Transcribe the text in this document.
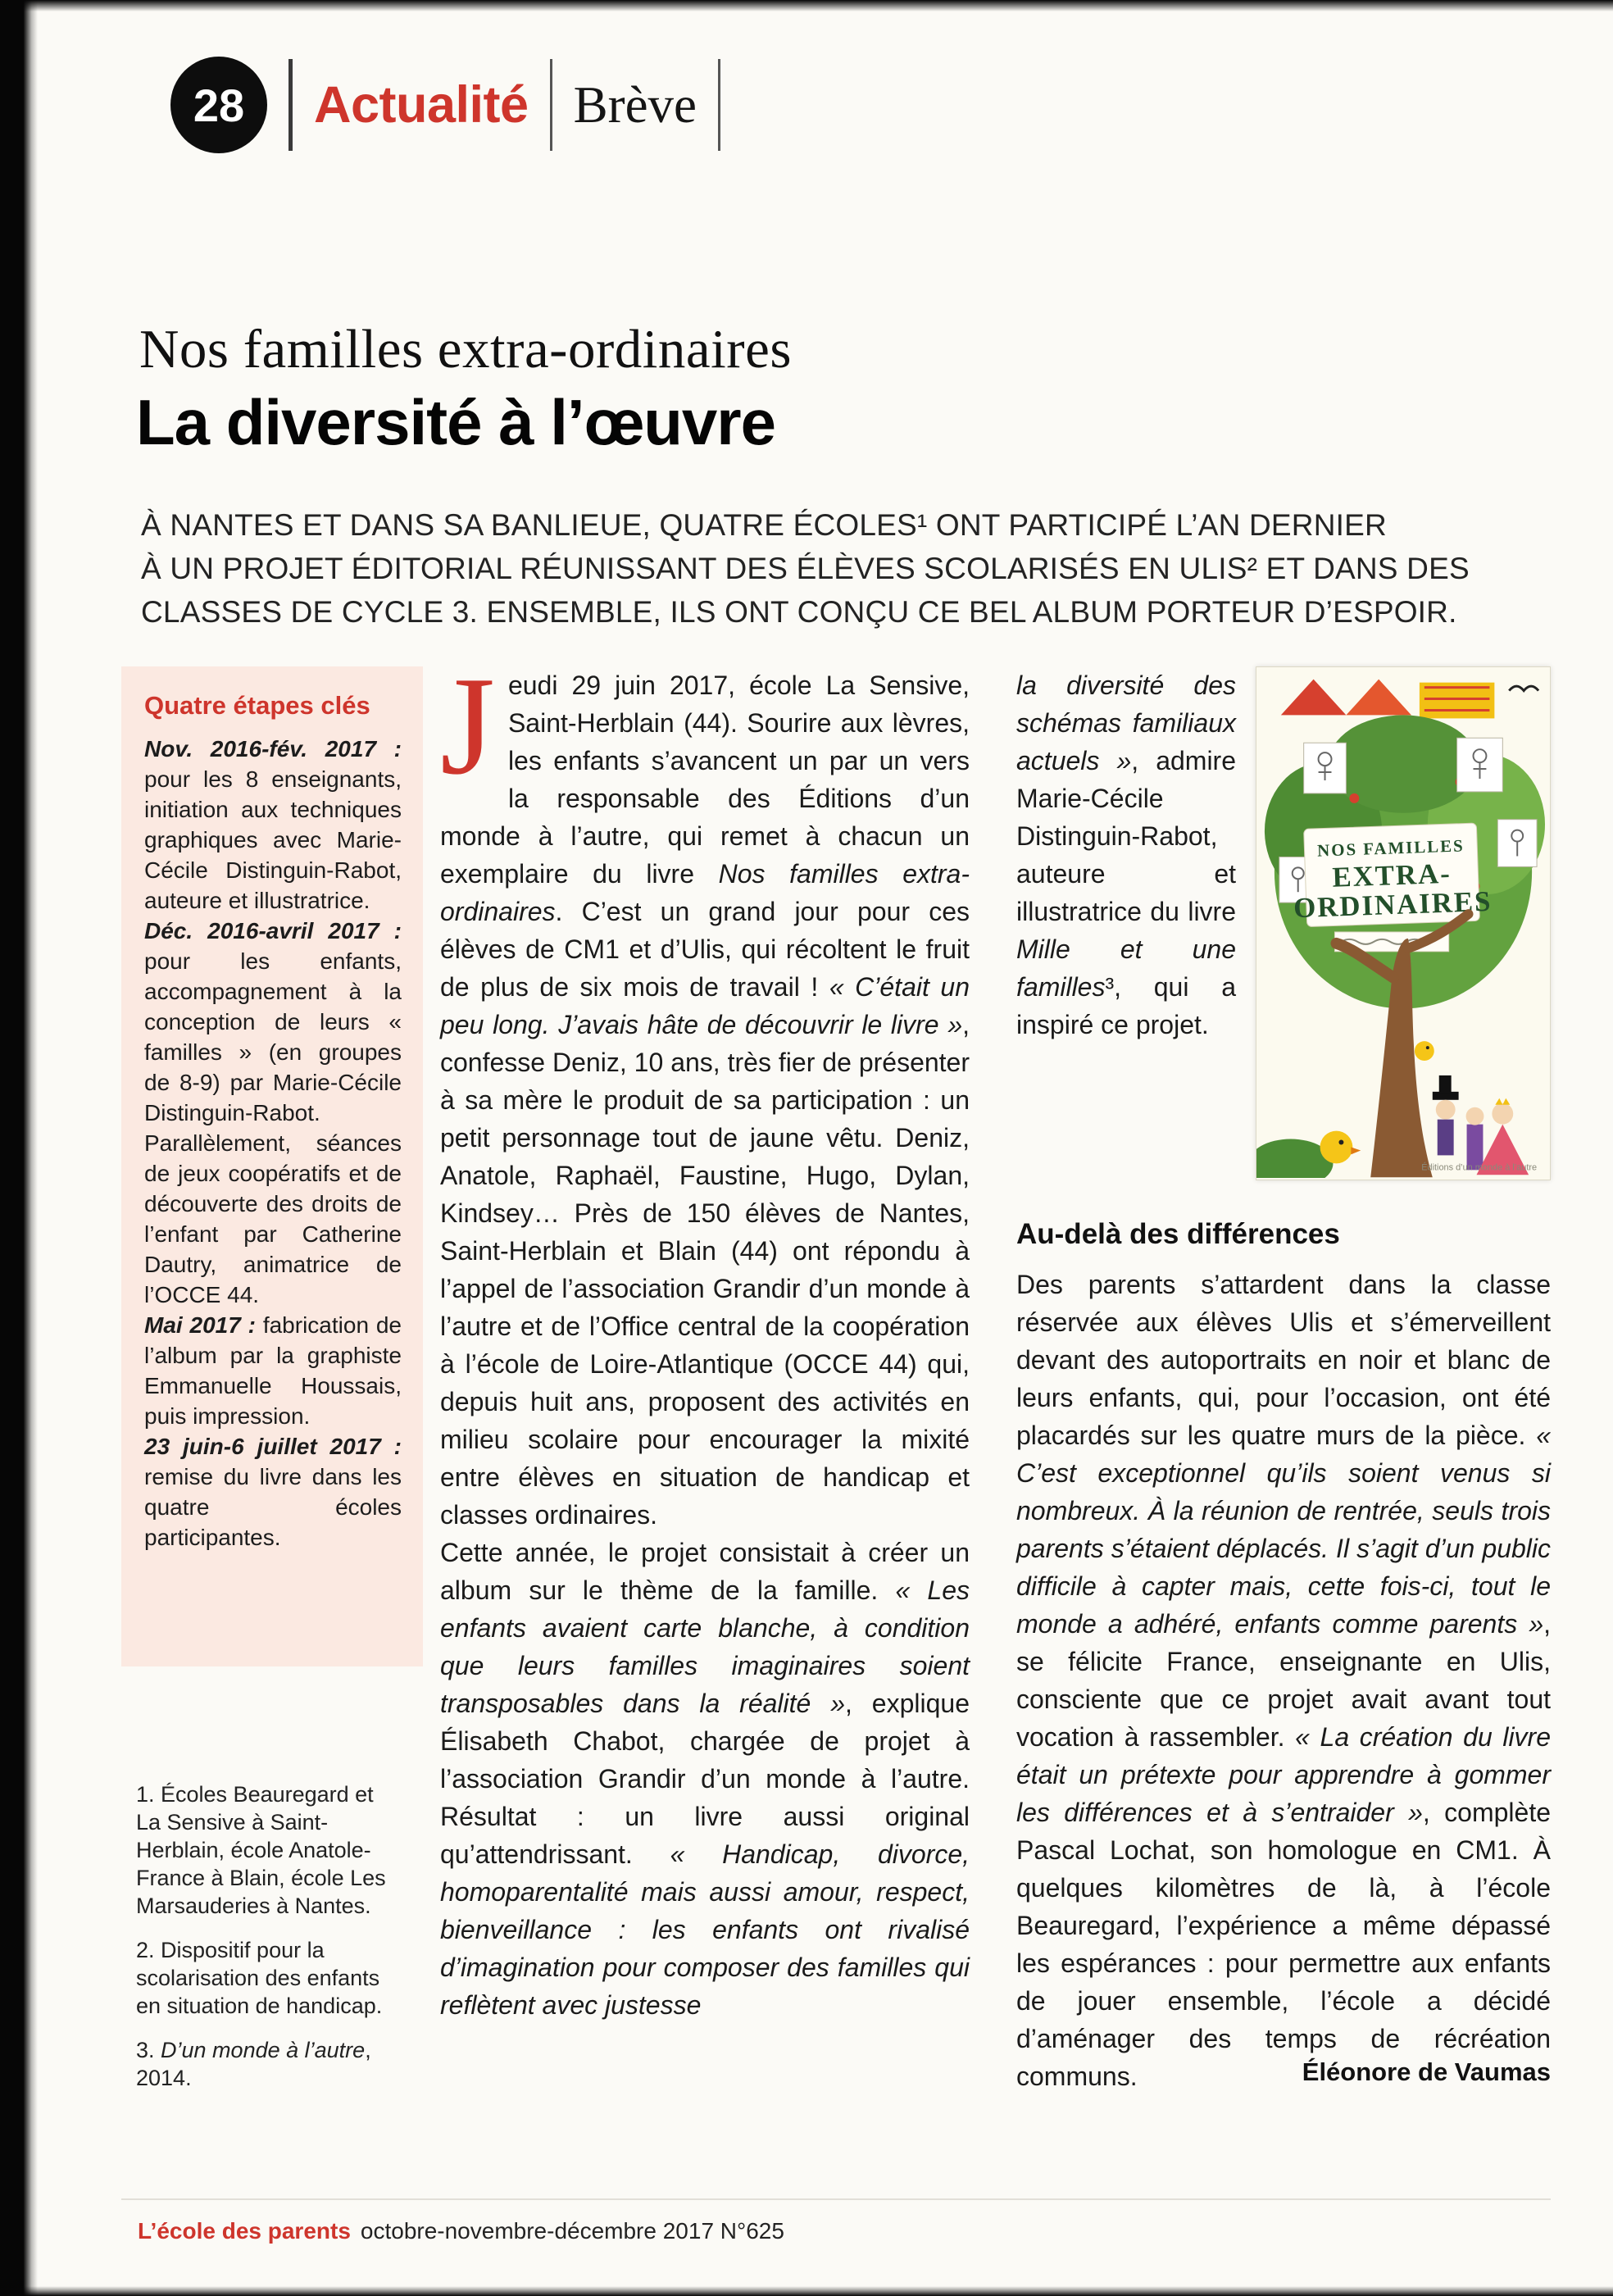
28 Actualité Brève
Nos familles extra-ordinaires
La diversité à l’œuvre
À NANTES ET DANS SA BANLIEUE, QUATRE ÉCOLES¹ ONT PARTICIPÉ L’AN DERNIER
À UN PROJET ÉDITORIAL RÉUNISSANT DES ÉLÈVES SCOLARISÉS EN ULIS² ET DANS DES
CLASSES DE CYCLE 3. ENSEMBLE, ILS ONT CONÇU CE BEL ALBUM PORTEUR D’ESPOIR.
Quatre étapes clés

Nov. 2016-fév. 2017 : pour les 8 enseignants, initiation aux techniques graphiques avec Marie-Cécile Distinguin-Rabot, auteure et illustratrice.

Déc. 2016-avril 2017 : pour les enfants, accompagnement à la conception de leurs « familles » (en groupes de 8-9) par Marie-Cécile Distinguin-Rabot. Parallèlement, séances de jeux coopératifs et de découverte des droits de l’enfant par Catherine Dautry, animatrice de l’OCCE 44.

Mai 2017 : fabrication de l’album par la graphiste Emmanuelle Houssais, puis impression.

23 juin-6 juillet 2017 : remise du livre dans les quatre écoles participantes.

1. Écoles Beauregard et La Sensive à Saint-Herblain, école Anatole-France à Blain, école Les Marsauderies à Nantes.

2. Dispositif pour la scolarisation des enfants en situation de handicap.

3. D’un monde à l’autre, 2014.

Jeudi 29 juin 2017, école La Sensive, Saint-Herblain (44). Sourire aux lèvres, les enfants s’avancent un par un vers la responsable des Éditions d’un monde à l’autre, qui remet à chacun un exemplaire du livre Nos familles extra-ordinaires. C’est un grand jour pour ces élèves de CM1 et d’Ulis, qui récoltent le fruit de plus de six mois de travail ! « C’était un peu long. J’avais hâte de découvrir le livre », confesse Deniz, 10 ans, très fier de présenter à sa mère le produit de sa participation : un petit personnage tout de jaune vêtu. Deniz, Anatole, Raphaël, Faustine, Hugo, Dylan, Kindsey… Près de 150 élèves de Nantes, Saint-Herblain et Blain (44) ont répondu à l’appel de l’association Grandir d’un monde à l’autre et de l’Office central de la coopération à l’école de Loire-Atlantique (OCCE 44) qui, depuis huit ans, proposent des activités en milieu scolaire pour encourager la mixité entre élèves en situation de handicap et classes ordinaires.

Cette année, le projet consistait à créer un album sur le thème de la famille. « Les enfants avaient carte blanche, à condition que leurs familles imaginaires soient transposables dans la réalité », explique Élisabeth Chabot, chargée de projet à l’association Grandir d’un monde à l’autre. Résultat : un livre aussi original qu’attendrissant. « Handicap, divorce, homoparentalité mais aussi amour, respect, bienveillance : les enfants ont rivalisé d’imagination pour composer des familles qui reflètent avec justesse

NOS FAMILLES
EXTRA-
ORDINAIRES
Éditions d’un monde à l’autre

la diversité des schémas familiaux actuels », admire Marie-Cécile Distinguin-Rabot, auteure et illustratrice du livre Mille et une familles³, qui a inspiré ce projet.

Au-delà des différences

Des parents s’attardent dans la classe réservée aux élèves Ulis et s’émerveillent devant des autoportraits en noir et blanc de leurs enfants, qui, pour l’occasion, ont été placardés sur les quatre murs de la pièce. « C’est exceptionnel qu’ils soient venus si nombreux. À la réunion de rentrée, seuls trois parents s’étaient déplacés. Il s’agit d’un public difficile à capter mais, cette fois-ci, tout le monde a adhéré, enfants comme parents », se félicite France, enseignante en Ulis, consciente que ce projet avait avant tout vocation à rassembler. « La création du livre était un prétexte pour apprendre à gommer les différences et à s’entraider », complète Pascal Lochat, son homologue en CM1. À quelques kilomètres de là, à l’école Beauregard, l’expérience a même dépassé les espérances : pour permettre aux enfants de jouer ensemble, l’école a décidé d’aménager des temps de récréation communs.	Éléonore de Vaumas
L’école des parents octobre-novembre-décembre 2017 N°625
